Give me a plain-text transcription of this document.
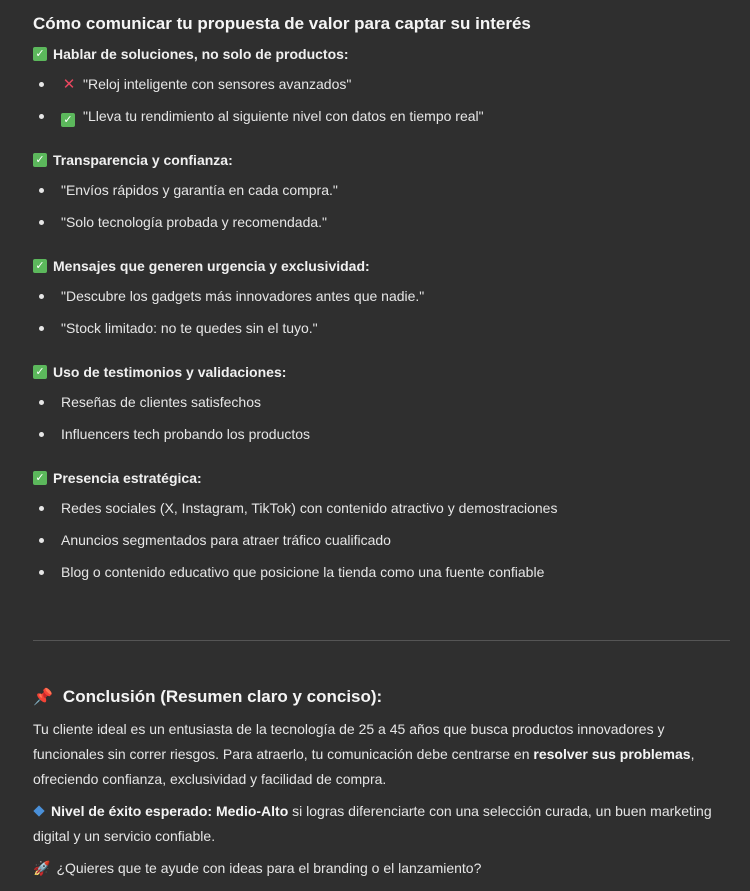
Cómo comunicar tu propuesta de valor para captar su interés
✓ Hablar de soluciones, no solo de productos:
✕ "Reloj inteligente con sensores avanzados"
✓ "Lleva tu rendimiento al siguiente nivel con datos en tiempo real"
✓ Transparencia y confianza:
"Envíos rápidos y garantía en cada compra."
"Solo tecnología probada y recomendada."
✓ Mensajes que generen urgencia y exclusividad:
"Descubre los gadgets más innovadores antes que nadie."
"Stock limitado: no te quedes sin el tuyo."
✓ Uso de testimonios y validaciones:
Reseñas de clientes satisfechos
Influencers tech probando los productos
✓ Presencia estratégica:
Redes sociales (X, Instagram, TikTok) con contenido atractivo y demostraciones
Anuncios segmentados para atraer tráfico cualificado
Blog o contenido educativo que posicione la tienda como una fuente confiable
📌 Conclusión (Resumen claro y conciso):
Tu cliente ideal es un entusiasta de la tecnología de 25 a 45 años que busca productos innovadores y funcionales sin correr riesgos. Para atraerlo, tu comunicación debe centrarse en resolver sus problemas, ofreciendo confianza, exclusividad y facilidad de compra.
Nivel de éxito esperado: Medio-Alto si logras diferenciarte con una selección curada, un buen marketing digital y un servicio confiable.
🚀 ¿Quieres que te ayude con ideas para el branding o el lanzamiento?
